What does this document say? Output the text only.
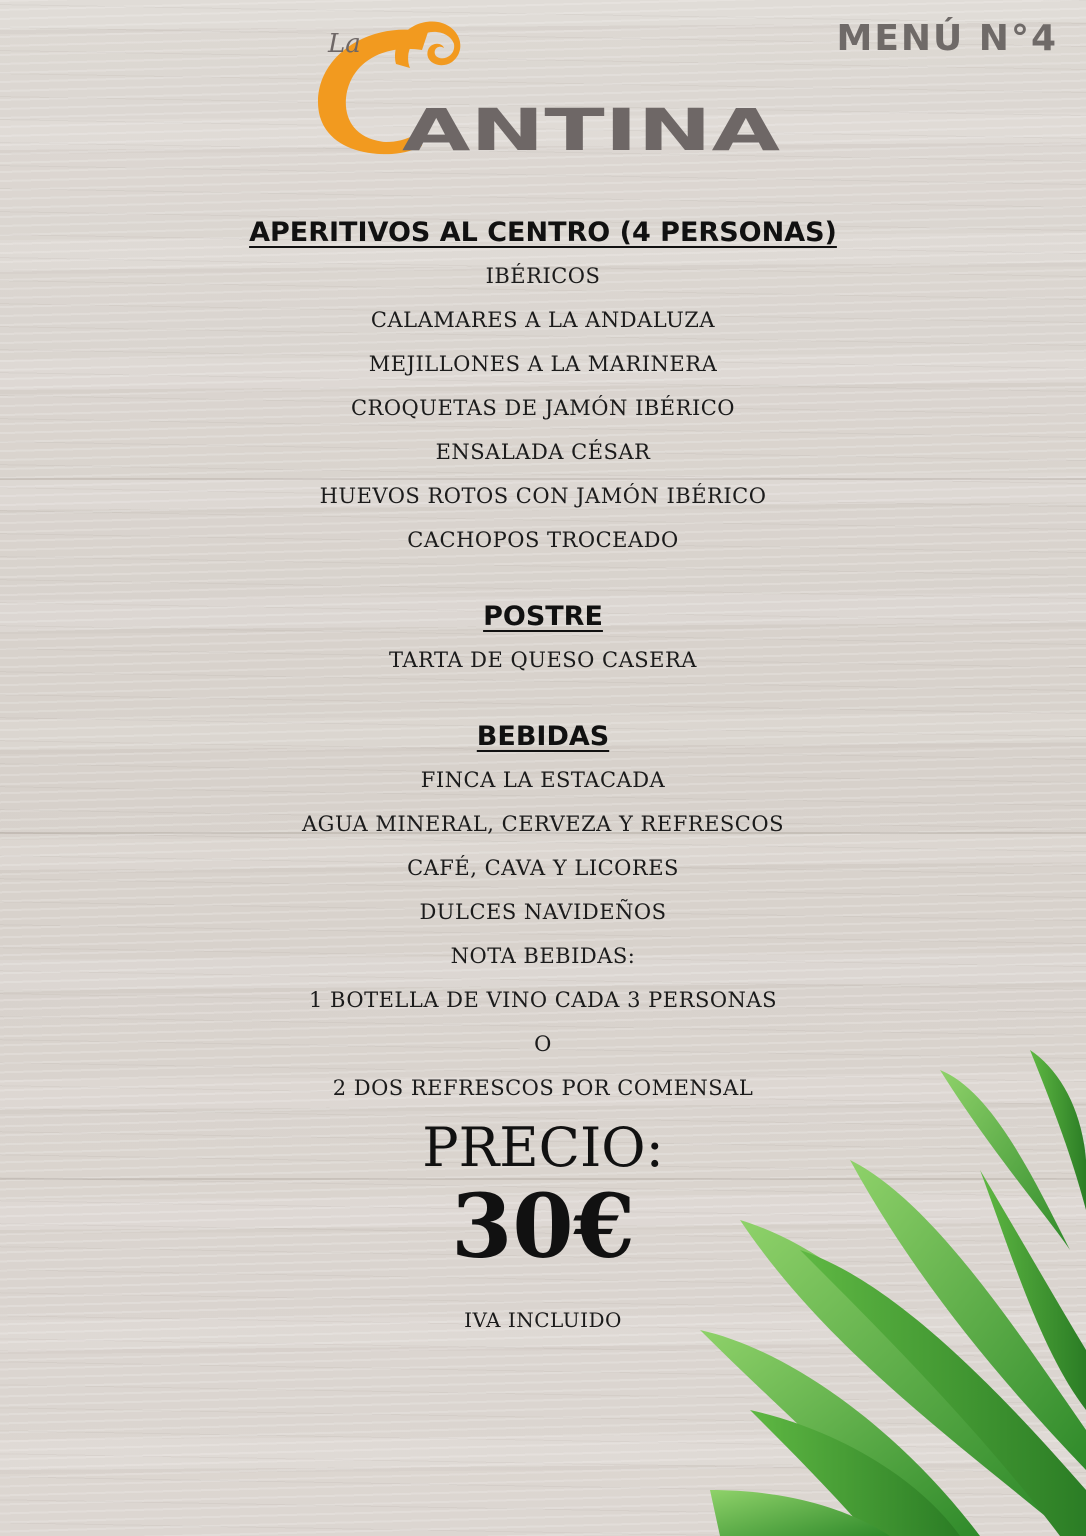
La
ANTINA
MENÚ N°4
APERITIVOS AL CENTRO (4 PERSONAS)
IBÉRICOS
CALAMARES A LA ANDALUZA
MEJILLONES A LA MARINERA
CROQUETAS DE JAMÓN IBÉRICO
ENSALADA CÉSAR
HUEVOS ROTOS CON JAMÓN IBÉRICO
CACHOPOS TROCEADO
POSTRE
TARTA DE QUESO CASERA
BEBIDAS
FINCA LA ESTACADA
AGUA MINERAL, CERVEZA Y REFRESCOS
CAFÉ, CAVA Y LICORES
DULCES NAVIDEÑOS
NOTA BEBIDAS:
1 BOTELLA DE VINO CADA 3 PERSONAS
O
2 DOS REFRESCOS POR COMENSAL
PRECIO:
30€
IVA INCLUIDO
